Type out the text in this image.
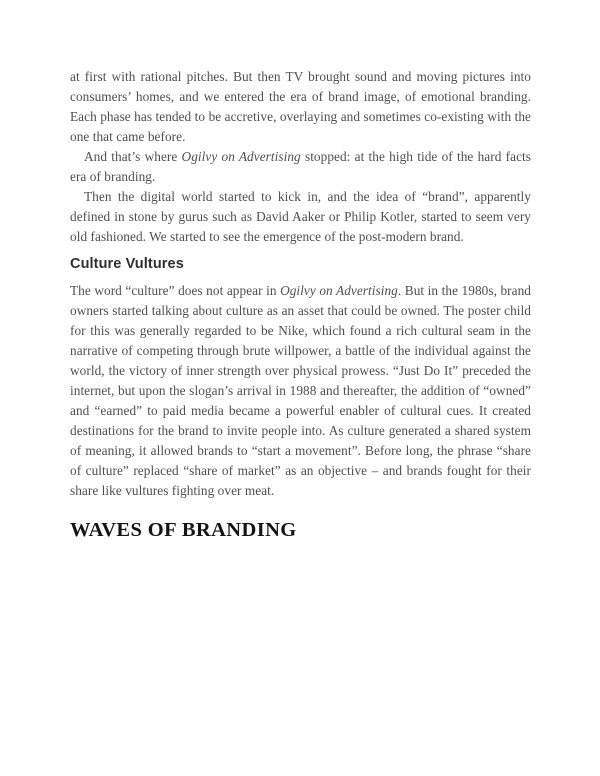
at first with rational pitches. But then TV brought sound and moving pictures into consumers’ homes, and we entered the era of brand image, of emotional branding. Each phase has tended to be accretive, overlaying and sometimes co-existing with the one that came before.

And that’s where Ogilvy on Advertising stopped: at the high tide of the hard facts era of branding.

Then the digital world started to kick in, and the idea of “brand”, apparently defined in stone by gurus such as David Aaker or Philip Kotler, started to seem very old fashioned. We started to see the emergence of the post-modern brand.

Culture Vultures

The word “culture” does not appear in Ogilvy on Advertising. But in the 1980s, brand owners started talking about culture as an asset that could be owned. The poster child for this was generally regarded to be Nike, which found a rich cultural seam in the narrative of competing through brute willpower, a battle of the individual against the world, the victory of inner strength over physical prowess. “Just Do It” preceded the internet, but upon the slogan’s arrival in 1988 and thereafter, the addition of “owned” and “earned” to paid media became a powerful enabler of cultural cues. It created destinations for the brand to invite people into. As culture generated a shared system of meaning, it allowed brands to “start a movement”. Before long, the phrase “share of culture” replaced “share of market” as an objective – and brands fought for their share like vultures fighting over meat.

WAVES OF BRANDING
